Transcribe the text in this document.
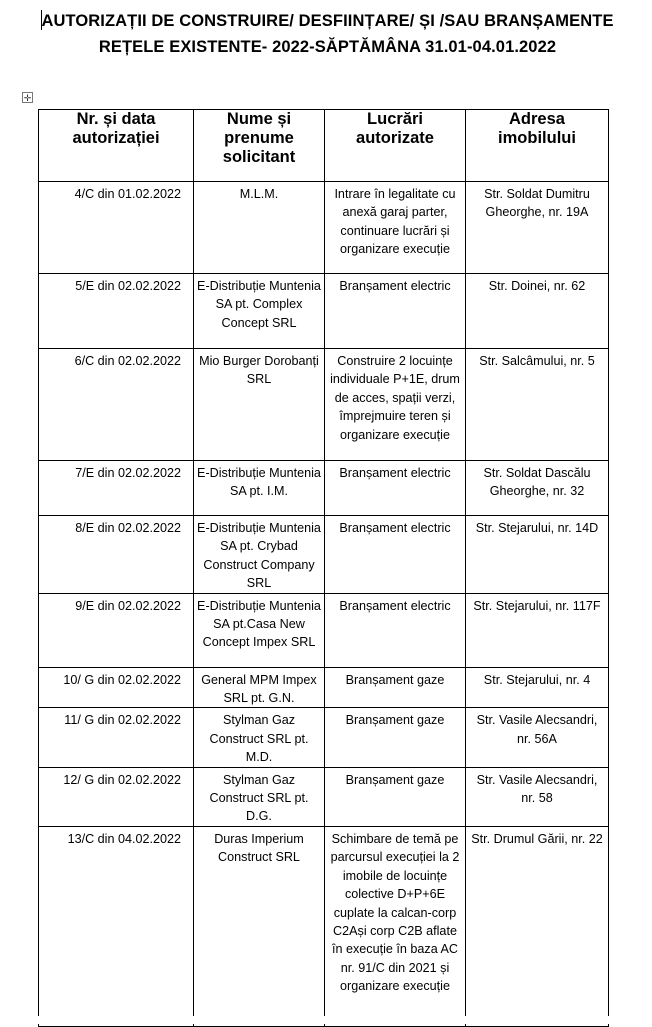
AUTORIZAȚII DE CONSTRUIRE/ DESFIINȚARE/ ȘI /SAU BRANȘAMENTE
REȚELE EXISTENTE- 2022-SĂPTĂMÂNA 31.01-04.01.2022
✛
Nr. și data autorizației	Nume și prenume solicitant	Lucrări autorizate	Adresa imobilului
4/C din 01.02.2022	M.L.M.	Intrare în legalitate cu anexă garaj parter, continuare lucrări și organizare execuție	Str. Soldat Dumitru Gheorghe, nr. 19A
5/E din 02.02.2022	E-Distribuție Muntenia SA pt. Complex Concept SRL	Branșament electric	Str. Doinei, nr. 62
6/C din 02.02.2022	Mio Burger Dorobanți SRL	Construire 2 locuințe individuale P+1E, drum de acces, spații verzi, împrejmuire teren și organizare execuție	Str. Salcâmului, nr. 5
7/E din 02.02.2022	E-Distribuție Muntenia SA pt. I.M.	Branșament electric	Str. Soldat Dascălu Gheorghe, nr. 32
8/E din 02.02.2022	E-Distribuție Muntenia SA pt. Crybad Construct Company SRL	Branșament electric	Str. Stejarului, nr. 14D
9/E din 02.02.2022	E-Distribuție Muntenia SA pt.Casa New Concept Impex SRL	Branșament electric	Str. Stejarului, nr. 117F
10/ G din 02.02.2022	General MPM Impex SRL pt. G.N.	Branșament gaze	Str. Stejarului, nr. 4
11/ G din 02.02.2022	Stylman Gaz Construct SRL pt. M.D.	Branșament gaze	Str. Vasile Alecsandri, nr. 56A
12/ G din 02.02.2022	Stylman Gaz Construct SRL pt. D.G.	Branșament gaze	Str. Vasile Alecsandri, nr. 58
13/C din 04.02.2022	Duras Imperium Construct SRL	Schimbare de temă pe parcursul execuției la 2 imobile de locuințe colective D+P+6E cuplate la calcan-corp C2Ași corp C2B aflate în execuție în baza AC nr. 91/C din 2021 și organizare execuție	Str. Drumul Gării, nr. 22
